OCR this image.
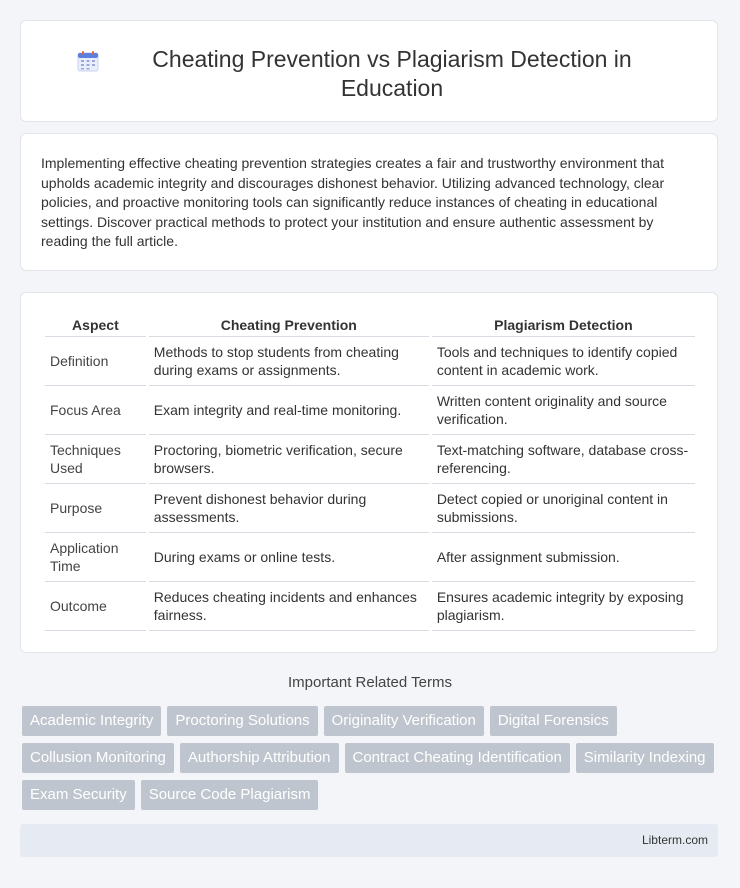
Cheating Prevention vs Plagiarism Detection in Education

Implementing effective cheating prevention strategies creates a fair and trustworthy environment that upholds academic integrity and discourages dishonest behavior. Utilizing advanced technology, clear policies, and proactive monitoring tools can significantly reduce instances of cheating in educational settings. Discover practical methods to protect your institution and ensure authentic assessment by reading the full article.

Aspect	Cheating Prevention	Plagiarism Detection
Definition	Methods to stop students from cheating during exams or assignments.	Tools and techniques to identify copied content in academic work.
Focus Area	Exam integrity and real-time monitoring.	Written content originality and source verification.
Techniques Used	Proctoring, biometric verification, secure browsers.	Text-matching software, database cross-referencing.
Purpose	Prevent dishonest behavior during assessments.	Detect copied or unoriginal content in submissions.
Application Time	During exams or online tests.	After assignment submission.
Outcome	Reduces cheating incidents and enhances fairness.	Ensures academic integrity by exposing plagiarism.
Important Related Terms
Academic Integrity	Proctoring Solutions	Originality Verification	Digital Forensics
Collusion Monitoring	Authorship Attribution	Contract Cheating Identification	Similarity Indexing
Exam Security	Source Code Plagiarism
Libterm.com
